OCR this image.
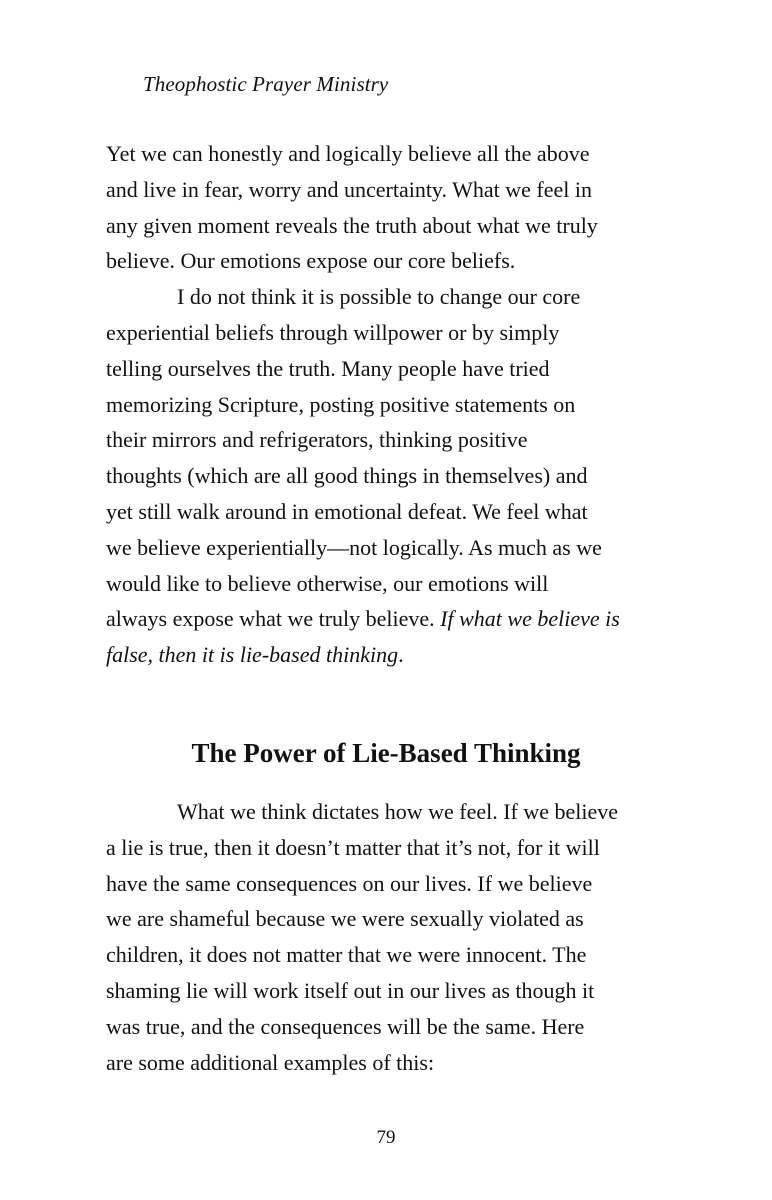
Theophostic Prayer Ministry
Yet we can honestly and logically believe all the above
and live in fear, worry and uncertainty. What we feel in
any given moment reveals the truth about what we truly
believe. Our emotions expose our core beliefs.
I do not think it is possible to change our core
experiential beliefs through willpower or by simply
telling ourselves the truth. Many people have tried
memorizing Scripture, posting positive statements on
their mirrors and refrigerators, thinking positive
thoughts (which are all good things in themselves) and
yet still walk around in emotional defeat. We feel what
we believe experientially—not logically. As much as we
would like to believe otherwise, our emotions will
always expose what we truly believe. If what we believe is
false, then it is lie-based thinking.
The Power of Lie-Based Thinking
What we think dictates how we feel. If we believe
a lie is true, then it doesn’t matter that it’s not, for it will
have the same consequences on our lives. If we believe
we are shameful because we were sexually violated as
children, it does not matter that we were innocent. The
shaming lie will work itself out in our lives as though it
was true, and the consequences will be the same. Here
are some additional examples of this:
79
